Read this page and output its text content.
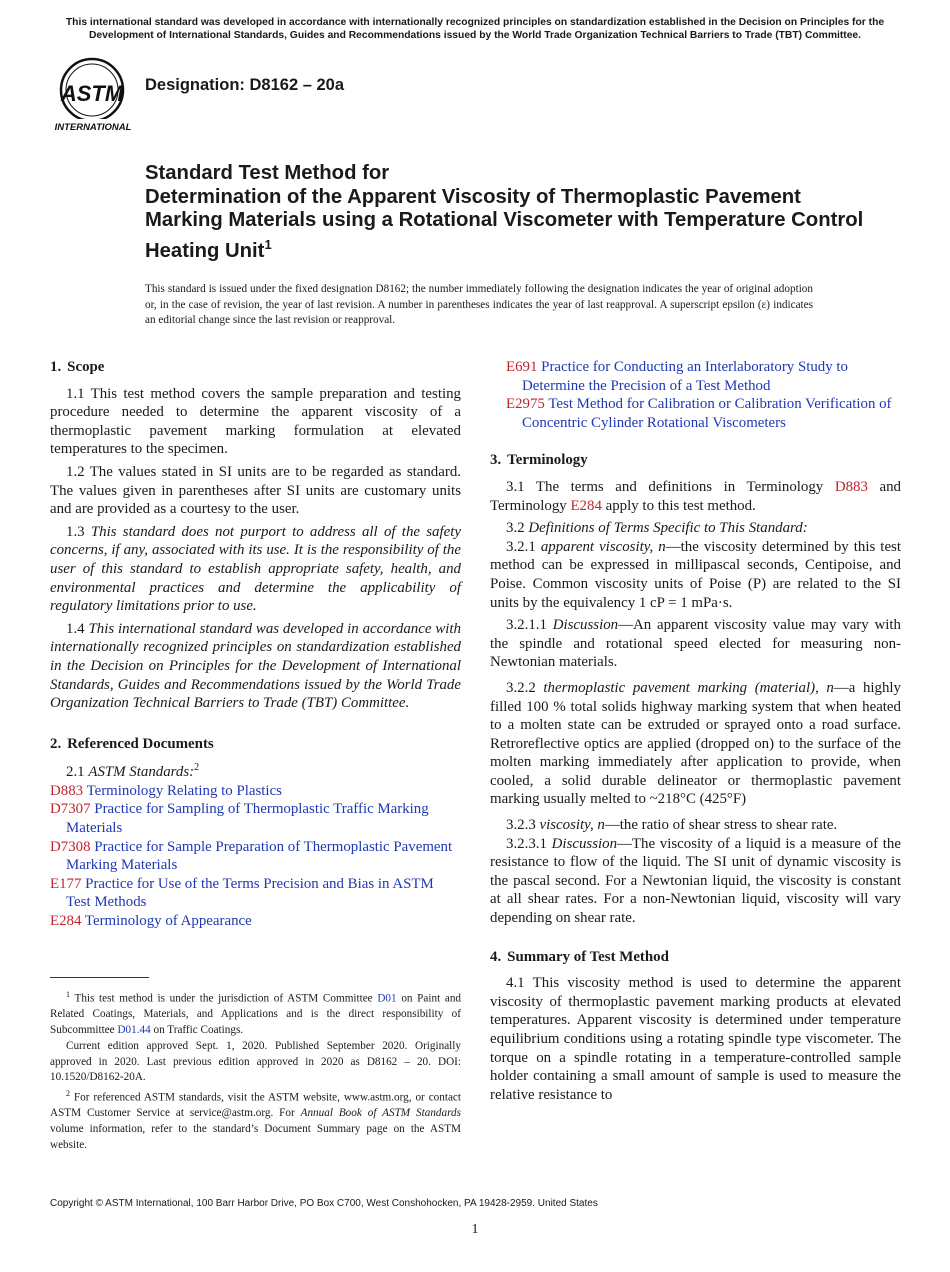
This international standard was developed in accordance with internationally recognized principles on standardization established in the Decision on Principles for the Development of International Standards, Guides and Recommendations issued by the World Trade Organization Technical Barriers to Trade (TBT) Committee.
ASTM
INTERNATIONAL
Designation: D8162 – 20a
Standard Test Method for
Determination of the Apparent Viscosity of Thermoplastic Pavement Marking Materials using a Rotational Viscometer with Temperature Control Heating Unit$^1$
This standard is issued under the fixed designation D8162; the number immediately following the designation indicates the year of original adoption or, in the case of revision, the year of last revision. A number in parentheses indicates the year of last reapproval. A superscript epsilon (ε) indicates an editorial change since the last revision or reapproval.
1. Scope

1.1 This test method covers the sample preparation and testing procedure needed to determine the apparent viscosity of a thermoplastic pavement marking formulation at elevated temperatures to the specimen.

1.2 The values stated in SI units are to be regarded as standard. The values given in parentheses after SI units are customary units and are provided as a courtesy to the user.

1.3 This standard does not purport to address all of the safety concerns, if any, associated with its use. It is the responsibility of the user of this standard to establish appropriate safety, health, and environmental practices and determine the applicability of regulatory limitations prior to use.

1.4 This international standard was developed in accordance with internationally recognized principles on standardization established in the Decision on Principles for the Development of International Standards, Guides and Recommendations issued by the World Trade Organization Technical Barriers to Trade (TBT) Committee.

2. Referenced Documents

2.1 ASTM Standards:$^2$

D883 Terminology Relating to Plastics
D7307 Practice for Sampling of Thermoplastic Traffic Marking Materials
D7308 Practice for Sample Preparation of Thermoplastic Pavement Marking Materials
E177 Practice for Use of the Terms Precision and Bias in ASTM Test Methods
E284 Terminology of Appearance

$^1$ This test method is under the jurisdiction of ASTM Committee D01 on Paint and Related Coatings, Materials, and Applications and is the direct responsibility of Subcommittee D01.44 on Traffic Coatings.

Current edition approved Sept. 1, 2020. Published September 2020. Originally approved in 2020. Last previous edition approved in 2020 as D8162 – 20. DOI: 10.1520/D8162-20A.

$^2$ For referenced ASTM standards, visit the ASTM website, www.astm.org, or contact ASTM Customer Service at service@astm.org. For Annual Book of ASTM Standards volume information, refer to the standard’s Document Summary page on the ASTM website.

E691 Practice for Conducting an Interlaboratory Study to Determine the Precision of a Test Method
E2975 Test Method for Calibration or Calibration Verification of Concentric Cylinder Rotational Viscometers
3. Terminology

3.1 The terms and definitions in Terminology D883 and Terminology E284 apply to this test method.

3.2 Definitions of Terms Specific to This Standard:

3.2.1 apparent viscosity, n—the viscosity determined by this test method can be expressed in millipascal seconds, Centipoise, and Poise. Common viscosity units of Poise (P) are related to the SI units by the equivalency 1 cP = 1 mPa·s.

3.2.1.1 Discussion—An apparent viscosity value may vary with the spindle and rotational speed elected for measuring non-Newtonian materials.

3.2.2 thermoplastic pavement marking (material), n—a highly filled 100 % total solids highway marking system that when heated to a molten state can be extruded or sprayed onto a road surface. Retroreflective optics are applied (dropped on) to the surface of the molten marking immediately after application to provide, when cooled, a solid durable delineator or thermoplastic pavement marking usually melted to ~218°C (425°F)

3.2.3 viscosity, n—the ratio of shear stress to shear rate.

3.2.3.1 Discussion—The viscosity of a liquid is a measure of the resistance to flow of the liquid. The SI unit of dynamic viscosity is the pascal second. For a Newtonian liquid, the viscosity is constant at all shear rates. For a non-Newtonian liquid, viscosity will vary depending on shear rate.

4. Summary of Test Method

4.1 This viscosity method is used to determine the apparent viscosity of thermoplastic pavement marking products at elevated temperatures. Apparent viscosity is determined under temperature equilibrium conditions using a rotating spindle type viscometer. The torque on a spindle rotating in a temperature-controlled sample holder containing a small amount of sample is used to measure the relative resistance to

Copyright © ASTM International, 100 Barr Harbor Drive, PO Box C700, West Conshohocken, PA 19428-2959. United States
1
